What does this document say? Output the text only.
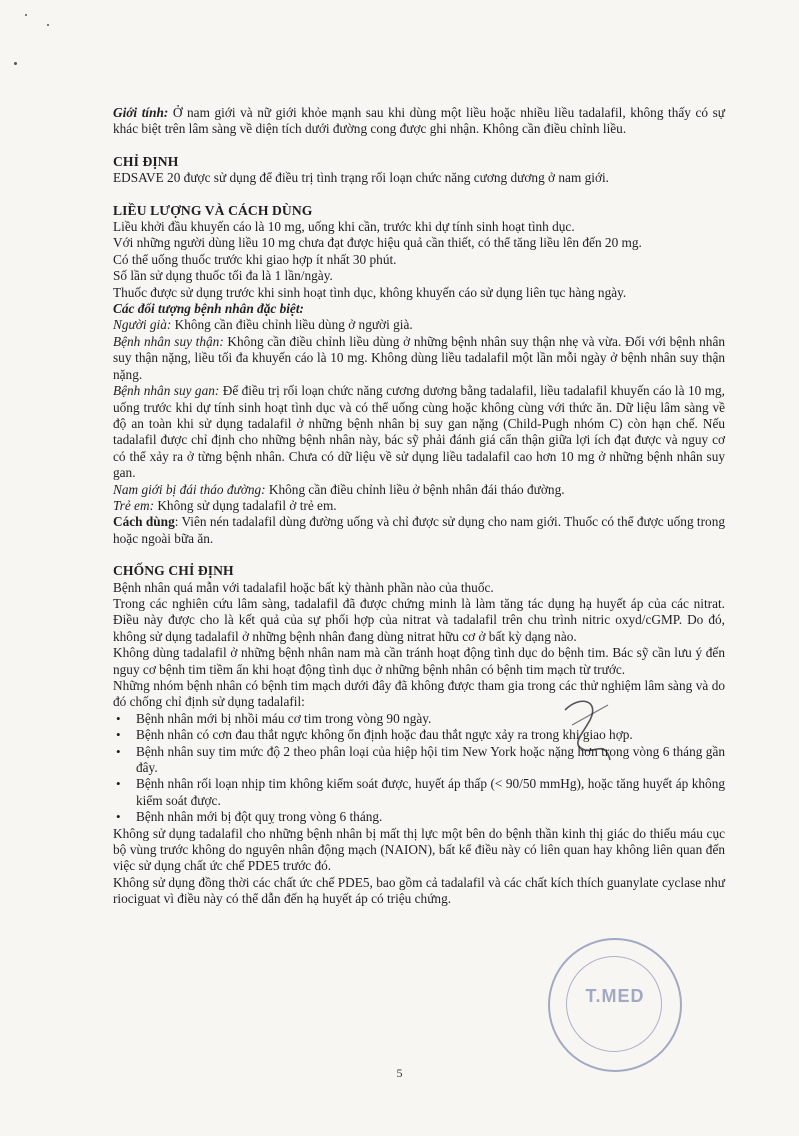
Giới tính: Ở nam giới và nữ giới khỏe mạnh sau khi dùng một liều hoặc nhiều liều tadalafil, không thấy có sự khác biệt trên lâm sàng về diện tích dưới đường cong được ghi nhận. Không cần điều chỉnh liều.

CHỈ ĐỊNH

EDSAVE 20 được sử dụng để điều trị tình trạng rối loạn chức năng cương dương ở nam giới.

LIỀU LƯỢNG VÀ CÁCH DÙNG

Liều khởi đầu khuyến cáo là 10 mg, uống khi cần, trước khi dự tính sinh hoạt tình dục.

Với những người dùng liều 10 mg chưa đạt được hiệu quả cần thiết, có thể tăng liều lên đến 20 mg.

Có thể uống thuốc trước khi giao hợp ít nhất 30 phút.

Số lần sử dụng thuốc tối đa là 1 lần/ngày.

Thuốc được sử dụng trước khi sinh hoạt tình dục, không khuyến cáo sử dụng liên tục hàng ngày.

Các đối tượng bệnh nhân đặc biệt:

Người già: Không cần điều chỉnh liều dùng ở người già.

Bệnh nhân suy thận: Không cần điều chỉnh liều dùng ở những bệnh nhân suy thận nhẹ và vừa. Đối với bệnh nhân suy thận nặng, liều tối đa khuyến cáo là 10 mg. Không dùng liều tadalafil một lần mỗi ngày ở bệnh nhân suy thận nặng.

Bệnh nhân suy gan: Để điều trị rối loạn chức năng cương dương bằng tadalafil, liều tadalafil khuyến cáo là 10 mg, uống trước khi dự tính sinh hoạt tình dục và có thể uống cùng hoặc không cùng với thức ăn. Dữ liệu lâm sàng về độ an toàn khi sử dụng tadalafil ở những bệnh nhân bị suy gan nặng (Child-Pugh nhóm C) còn hạn chế. Nếu tadalafil được chỉ định cho những bệnh nhân này, bác sỹ phải đánh giá cẩn thận giữa lợi ích đạt được và nguy cơ có thể xảy ra ở từng bệnh nhân. Chưa có dữ liệu về sử dụng liều tadalafil cao hơn 10 mg ở những bệnh nhân suy gan.

Nam giới bị đái tháo đường: Không cần điều chỉnh liều ở bệnh nhân đái tháo đường.

Trẻ em: Không sử dụng tadalafil ở trẻ em.

Cách dùng: Viên nén tadalafil dùng đường uống và chỉ được sử dụng cho nam giới. Thuốc có thể được uống trong hoặc ngoài bữa ăn.

CHỐNG CHỈ ĐỊNH

Bệnh nhân quá mẫn với tadalafil hoặc bất kỳ thành phần nào của thuốc.

Trong các nghiên cứu lâm sàng, tadalafil đã được chứng minh là làm tăng tác dụng hạ huyết áp của các nitrat. Điều này được cho là kết quả của sự phối hợp của nitrat và tadalafil trên chu trình nitric oxyd/cGMP. Do đó, không sử dụng tadalafil ở những bệnh nhân đang dùng nitrat hữu cơ ở bất kỳ dạng nào.

Không dùng tadalafil ở những bệnh nhân nam mà cần tránh hoạt động tình dục do bệnh tim. Bác sỹ cần lưu ý đến nguy cơ bệnh tim tiềm ẩn khi hoạt động tình dục ở những bệnh nhân có bệnh tim mạch từ trước.

Những nhóm bệnh nhân có bệnh tim mạch dưới đây đã không được tham gia trong các thử nghiệm lâm sàng và do đó chống chỉ định sử dụng tadalafil:

• Bệnh nhân mới bị nhồi máu cơ tim trong vòng 90 ngày.
• Bệnh nhân có cơn đau thắt ngực không ổn định hoặc đau thắt ngực xảy ra trong khi giao hợp.
• Bệnh nhân suy tim mức độ 2 theo phân loại của hiệp hội tim New York hoặc nặng hơn trong vòng 6 tháng gần đây.
• Bệnh nhân rối loạn nhịp tim không kiểm soát được, huyết áp thấp (< 90/50 mmHg), hoặc tăng huyết áp không kiểm soát được.
• Bệnh nhân mới bị đột quỵ trong vòng 6 tháng.

Không sử dụng tadalafil cho những bệnh nhân bị mất thị lực một bên do bệnh thần kinh thị giác do thiếu máu cục bộ vùng trước không do nguyên nhân động mạch (NAION), bất kể điều này có liên quan hay không liên quan đến việc sử dụng chất ức chế PDE5 trước đó.

Không sử dụng đồng thời các chất ức chế PDE5, bao gồm cả tadalafil và các chất kích thích guanylate cyclase như riociguat vì điều này có thể dẫn đến hạ huyết áp có triệu chứng.

T.MED
5
